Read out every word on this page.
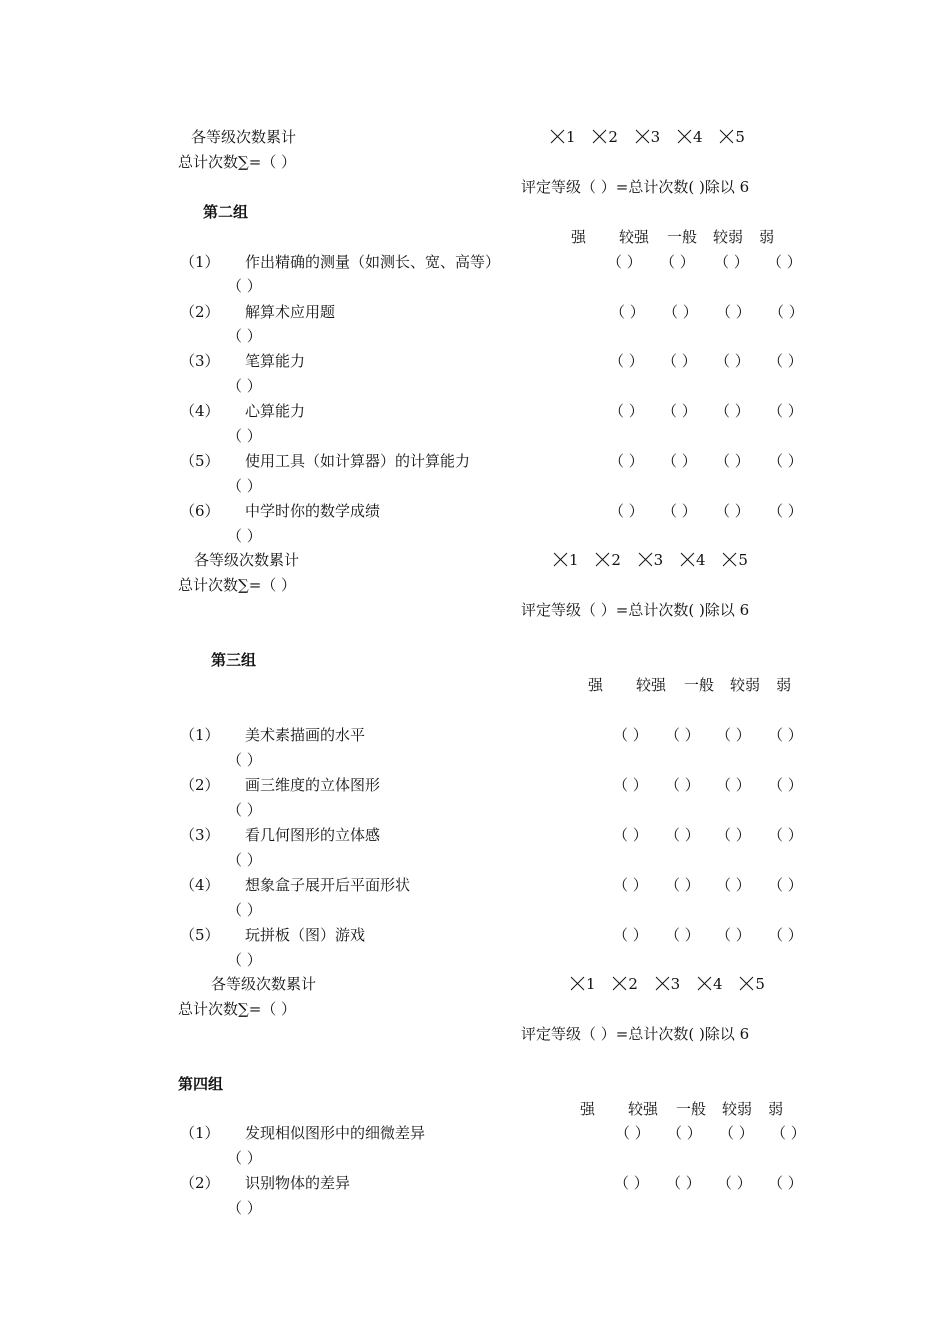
各等级次数累计	1 2 3 4 5
总计次数∑=（ ）
评定等级（ ）=总计次数( )除以 6
第二组
强 较强 一般 较弱 弱
（1） 作出精确的测量（如测长、宽、高等）	（ ） （ ） （ ） （ ）
（ ）
（2） 解算术应用题	（ ） （ ） （ ） （ ）
（ ）
（3） 笔算能力	（ ） （ ） （ ） （ ）
（ ）
（4） 心算能力	（ ） （ ） （ ） （ ）
（ ）
（5） 使用工具（如计算器）的计算能力	（ ） （ ） （ ） （ ）
（ ）
（6） 中学时你的数学成绩	（ ） （ ） （ ） （ ）
（ ）
各等级次数累计	1 2 3 4 5
总计次数∑=（ ）
评定等级（ ）=总计次数( )除以 6
第三组
强 较强 一般 较弱 弱
（1） 美术素描画的水平	（ ） （ ） （ ） （ ）
（ ）
（2） 画三维度的立体图形	（ ） （ ） （ ） （ ）
（ ）
（3） 看几何图形的立体感	（ ） （ ） （ ） （ ）
（ ）
（4） 想象盒子展开后平面形状	（ ） （ ） （ ） （ ）
（ ）
（5） 玩拼板（图）游戏	（ ） （ ） （ ） （ ）
（ ）
各等级次数累计	1 2 3 4 5
总计次数∑=（ ）
评定等级（ ）=总计次数( )除以 6
第四组
强 较强 一般 较弱 弱
（1） 发现相似图形中的细微差异	（ ） （ ） （ ） （ ）
（ ）
（2） 识别物体的差异	（ ） （ ） （ ） （ ）
（ ）
